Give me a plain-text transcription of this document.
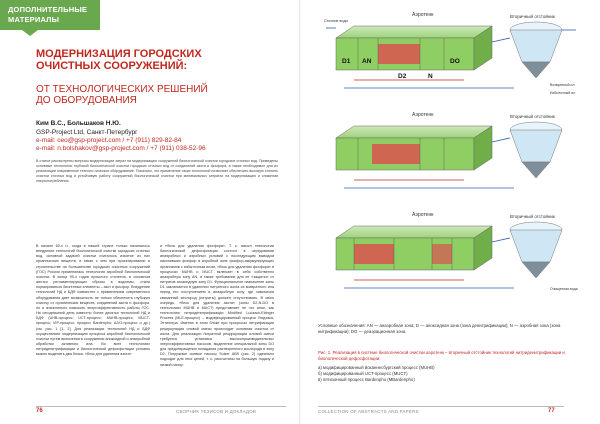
ДОПОЛНИТЕЛЬНЫЕ
МАТЕРИАЛЫ
МОДЕРНИЗАЦИЯ ГОРОДСКИХ
ОЧИСТНЫХ СООРУЖЕНИЙ:
ОТ ТЕХНОЛОГИЧЕСКИХ РЕШЕНИЙ
ДО ОБОРУДОВАНИЯ
Ким В.С., Большаков Н.Ю.
GSP-Project Ltd, Санкт-Петербург
e-mail: ceo@gsp-project.com / +7 (911) 829-82-84
e-mail: n.bolshakov@gsp-project.com / +7 (911) 038-52-96
В статье рассмотрены вопросы модернизации затрат на модернизацию сооружений биологической очистки городских сточных вод. Приведены основные технологии глубокой биологической очистки городских сточных вод от соединений азота и фосфора, а также необходимое для их реализации современное техноло-гическое оборудование. Показано, что применение таких технологий позволяет обеспечить высокую степень очистки сточных вод и устойчивую работу сооружений биологической очистки при минимальных затратах на модернизацию и снижении энергопотребления.
В начале 60-х гг., когда в нашей стране только начиналось внедрение технологий биологической очистки городских сточных вод, основной задачей очистки считалось изъятие из них органических веществ, в связи с чем при проектировании и строительстве на большинстве городских очистных сооружений (ГОС) России применялась технология аэробной биологической очистки. В конце 90-х годов прошлого столетия, в основном жестко регламентирующих сбросы в водоемы, стали нормироваться биогенные элементы – азот и фосфор. Внедрение технологий НД и БДФ совместно с применением современного оборудования дает возможность не только обеспечить глубокую очистку от органических веществ, соединений азота и фосфора, но и значительно повысить энергоэффективность работы ГОС. На сегодняшний день известно более десятка технологий НД и БДФ (UHB-процесс; UCT-процесс; MUHB-процесс; MUCT-процесс; VIP-процесс; процесс Bardenpho; A2/O-процесс и др.) (см. рис. 1 [1, 2]. Для реализации технологий НД и БДФ осуществляют модернизацию процесса аэробной биологической очистки путем включения в сооружения аноксидной и анаэробной обработки активного ила. Во всех технологиях нитриденитрификации и биологической дефосфотации условно можно выделить два блока: «блок для удаления азота»
и «блок для удаления фосфора». Т. к. смысл технологии биологической дефосфотации состоит в чередовании анаэробных и аэробных условий с последующим выводом накопивших фосфор в аэробной зоне фосфор-аккумулирующих организмов с избыточным илом, «блок для удаления фосфора» в процессах MUHB и MUCT включает в себя собственно анаэробную зону AN, а также требование для ее «защиты» от нитратов аноксидную зону D1. Функциональное назначение зоны D1 заключается в удалении нитратного азота из возвратного ила перед его поступлением в анаэробную зону, где химически связанный кислород (нитраты) должен отсутствовать. В свою очередь, «блок для удаления азота» (зоны D2-N-DO в технологиях MUHB и MUCT) представляет не что иное, как технологию нитриденитрификации Modified Ludzack-Ettinger Process (MLE-процесс) – модифицированный процесс Людзака-Эттингера. Именно в этом блоке при процессах нитрификации рециркуляция иловой смеси происходит основная очистка от азота. Для реализации нитратной рециркуляции иловой смеси требуется установка высокопроизводительных энергоэффективных насосов, выделение специальной зоны DO для предотвращения попадания растворенного кислорода в зону D2. Погружные осевые насосы Sulzer ABS (рис. 2) идеально подходят для этих целей, т. к. рассчитаны на большую подачу и низкий напор.
76	СБОРНИК ТЕЗИСОВ И ДОКЛАДОВ
Аэротенк	Вторичный отстойник
Сточные воды
D1 AN
D2	N
DO
Возвратный ил
Избыточный ил
Аэротенк	Вторичный отстойник
Аэротенк	Вторичный отстойник
Очищенная вода
Условные обозначения: AN — анаэробная зона; D — аноксидная зона (зона денитрификации); N — аэробная зона (зона нитрификации); DO — деаэрационная зона.
Рис. 1. Реализация в системе биологической очистки аэротенк – вторичный отстойник технологий нитриденитрификации и биологической дефосфотации:
а) модифицированный йоханнесбургский процесс (MUHB)
б) модифицированный UCT-процесс (MUCT)
в) пятизонный процесс Bardenpho (MBardenpho)
COLLECTION OF ABSTRACTS AND PAPERS	77
